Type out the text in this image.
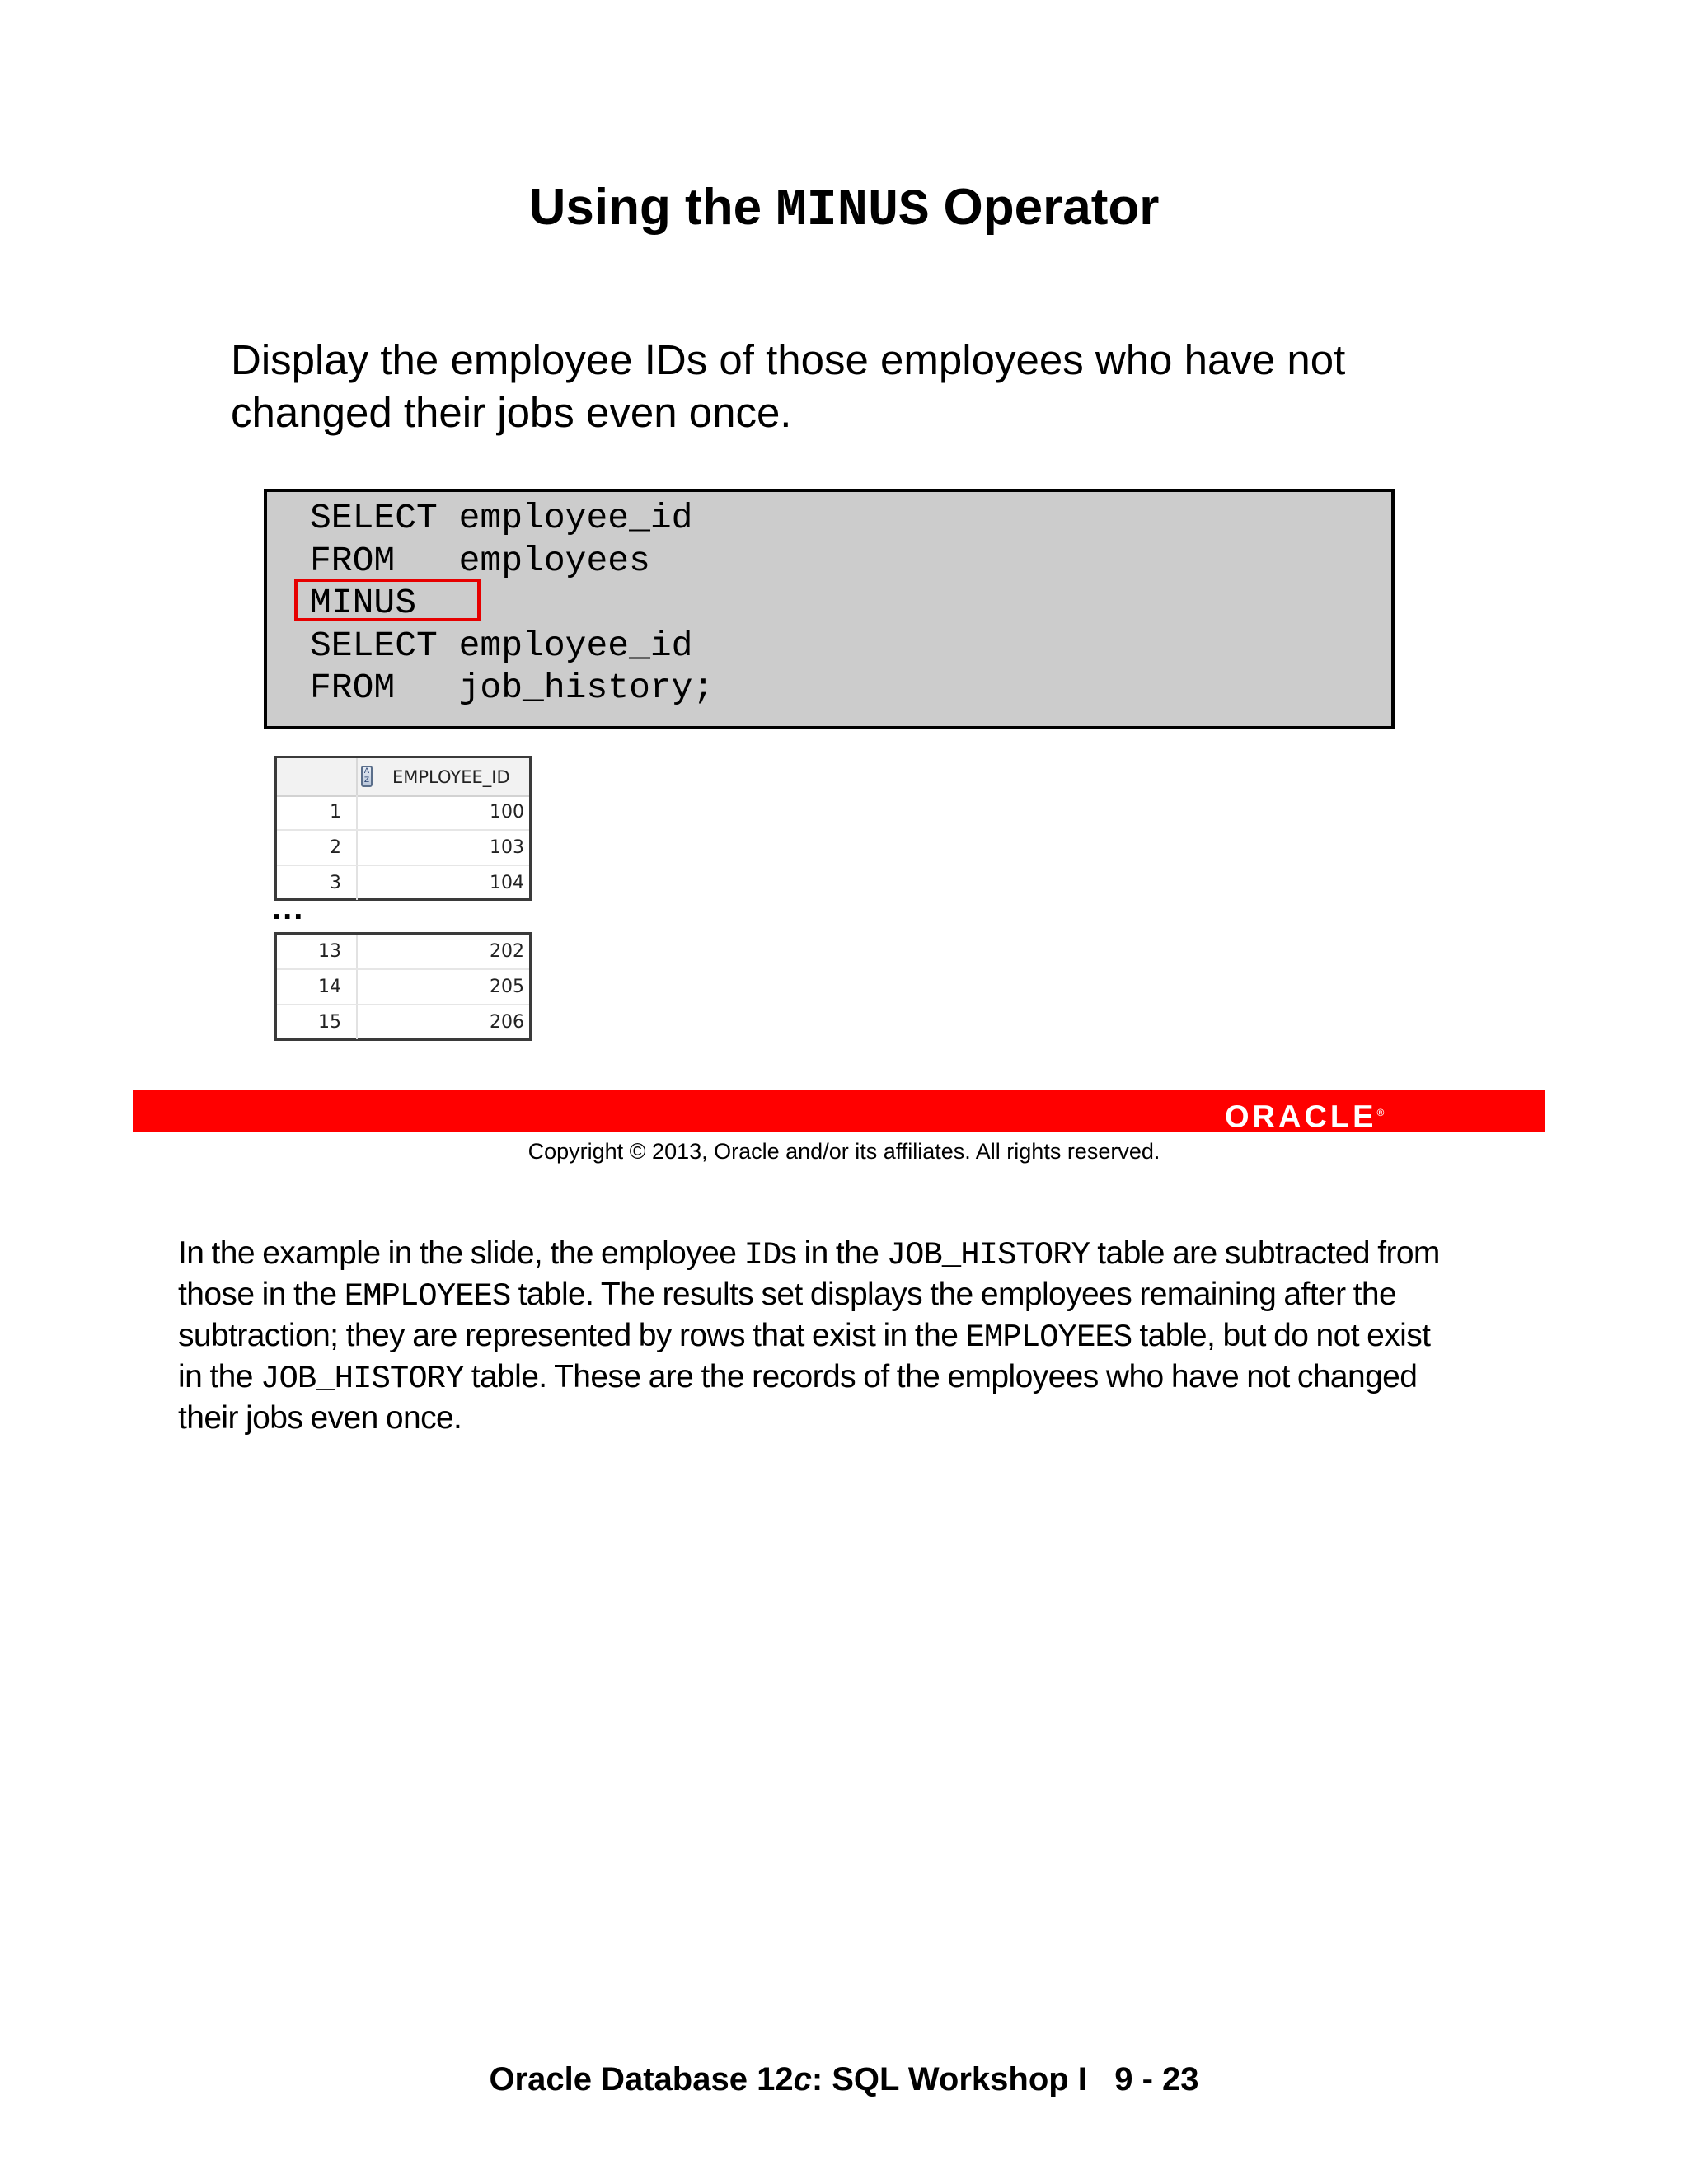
Using the MINUS Operator
Display the employee IDs of those employees who have not
changed their jobs even once.
SELECT employee_id
FROM   employees
MINUS
SELECT employee_id
FROM   job_history;
A
Z EMPLOYEE_ID
1	100
2	103
3	104
...
13	202
14	205
15	206
ORACLE®
Copyright © 2013, Oracle and/or its affiliates. All rights reserved.
In the example in the slide, the employee IDs in the JOB_HISTORY table are subtracted from
those in the EMPLOYEES table. The results set displays the employees remaining after the
subtraction; they are represented by rows that exist in the EMPLOYEES table, but do not exist
in the JOB_HISTORY table. These are the records of the employees who have not changed
their jobs even once.
Oracle Database 12c: SQL Workshop I   9 - 23
